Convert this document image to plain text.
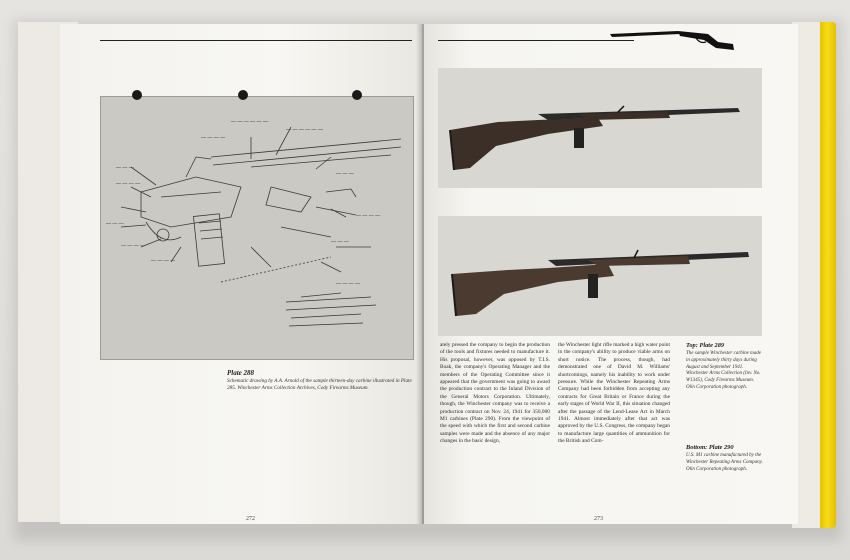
— — — — — —
— — — — — —
— — — —
— — —
— — — —
— — —
— — — —
— — — —
— — —
— — — —
— — —
— — — —
Plate 288
Schematic drawing by A.A. Arnold of the sample thirteen-day carbine illustrated in Plate 285. Winchester Arms Collection Archives, Cody Firearms Museum.
272
ately pressed the company to begin the production of the tools and fixtures needed to manufacture it. His proposal, however, was opposed by T.I.S. Boak, the company's Operating Manager and the members of the Operating Committee since it appeared that the government was going to award the production contract to the Inland Division of the General Motors Corporation. Ultimately, though, the Winchester company was to receive a production contract on Nov. 24, 1941 for 350,000 M1 carbines (Plate 290). From the viewpoint of the speed with which the first and second carbine samples were made and the absence of any major changes in the basic design,
the Winchester light rifle marked a high water point in the company's ability to produce viable arms on short notice. The process, though, had demonstrated one of David M. Williams' shortcomings, namely his inability to work under pressure. While the Winchester Repeating Arms Company had been forbidden from accepting any contracts for Great Britain or France during the early stages of World War II, this situation changed after the passage of the Lend-Lease Act in March 1941. Almost immediately after that act was approved by the U.S. Congress, the company began to manufacture large quantities of ammunition for the British and Com-
Top: Plate 289
The sample Winchester carbine made in approximately thirty days during August and September 1941. Winchester Arms Collection (Inv. No. W1345), Cody Firearms Museum. Olin Corporation photograph.
Bottom: Plate 290
U.S. M1 carbine manufactured by the Winchester Repeating Arms Company. Olin Corporation photograph.
273
